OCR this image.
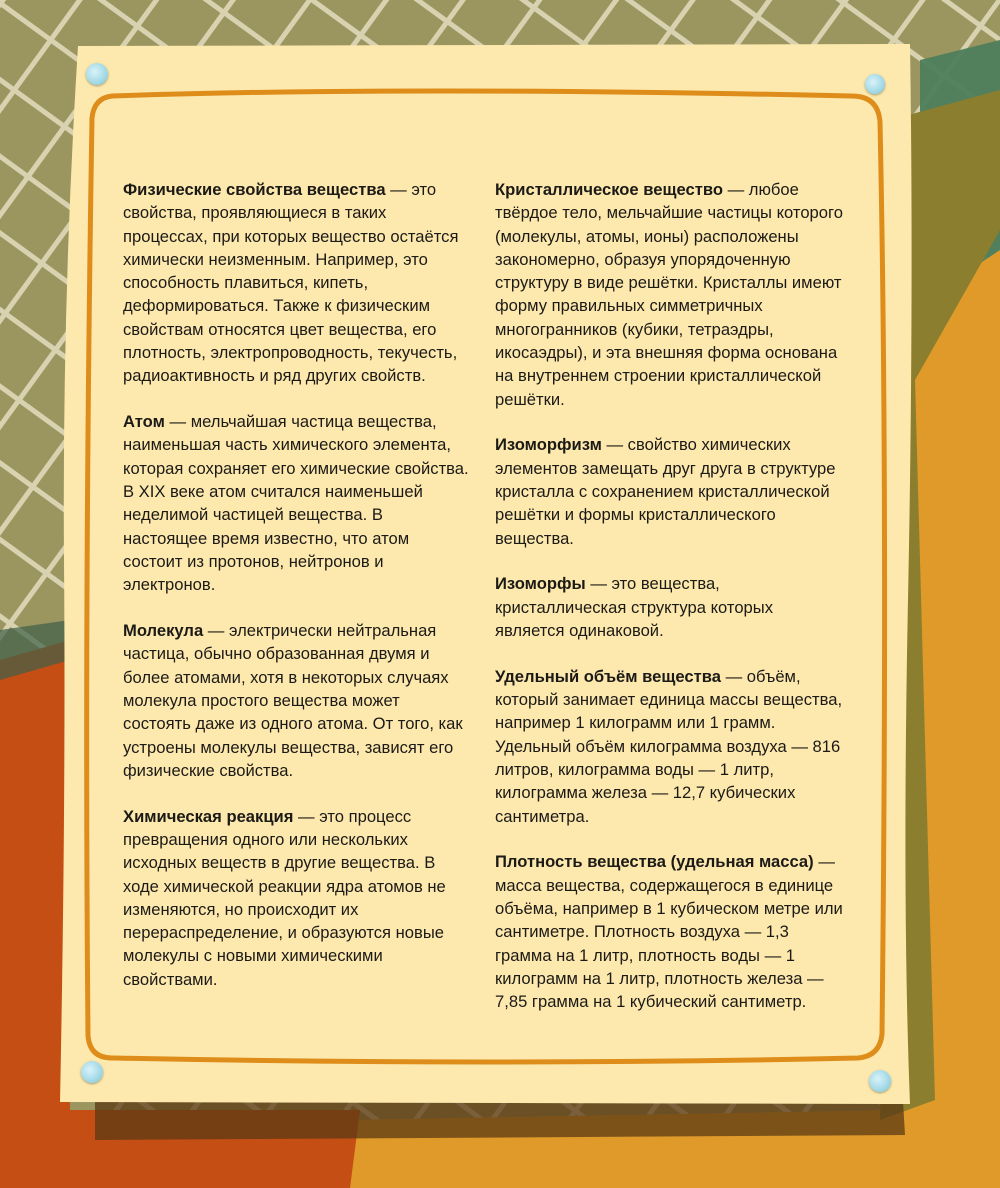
Физические свойства вещества — это свойства, проявляющиеся в таких процессах, при которых вещество остаётся химически неизменным. Например, это способность плавиться, кипеть, деформироваться. Также к физическим свойствам относятся цвет вещества, его плотность, электропроводность, текучесть, радиоактивность и ряд других свойств.

Атом — мельчайшая частица вещества, наименьшая часть химического элемента, которая сохраняет его химические свойства. В XIX веке атом считался наименьшей неделимой частицей вещества. В настоящее время известно, что атом состоит из протонов, нейтронов и электронов.

Молекула — электрически нейтральная частица, обычно образованная двумя и более атомами, хотя в некоторых случаях молекула простого вещества может состоять даже из одного атома. От того, как устроены молекулы вещества, зависят его физические свойства.

Химическая реакция — это процесс превращения одного или нескольких исходных веществ в другие вещества. В ходе химической реакции ядра атомов не изменяются, но происходит их перераспределение, и образуются новые молекулы с новыми химическими свойствами.

Кристаллическое вещество — любое твёрдое тело, мельчайшие частицы которого (молекулы, атомы, ионы) расположены закономерно, образуя упорядоченную структуру в виде решётки. Кристаллы имеют форму правильных симметричных многогранников (кубики, тетраэдры, икосаэдры), и эта внешняя форма основана на внутреннем строении кристаллической решётки.

Изоморфизм — свойство химических элементов замещать друг друга в структуре кристалла с сохранением кристаллической решётки и формы кристаллического вещества.

Изоморфы — это вещества, кристаллическая структура которых является одинаковой.

Удельный объём вещества — объём, который занимает единица массы вещества, например 1 килограмм или 1 грамм. Удельный объём килограмма воздуха — 816 литров, килограмма воды — 1 литр, килограмма железа — 12,7 кубических сантиметра.

Плотность вещества (удельная масса) — масса вещества, содержащегося в единице объёма, например в 1 кубическом метре или сантиметре. Плотность воздуха — 1,3 грамма на 1 литр, плотность воды — 1 килограмм на 1 литр, плотность железа — 7,85 грамма на 1 кубический сантиметр.
